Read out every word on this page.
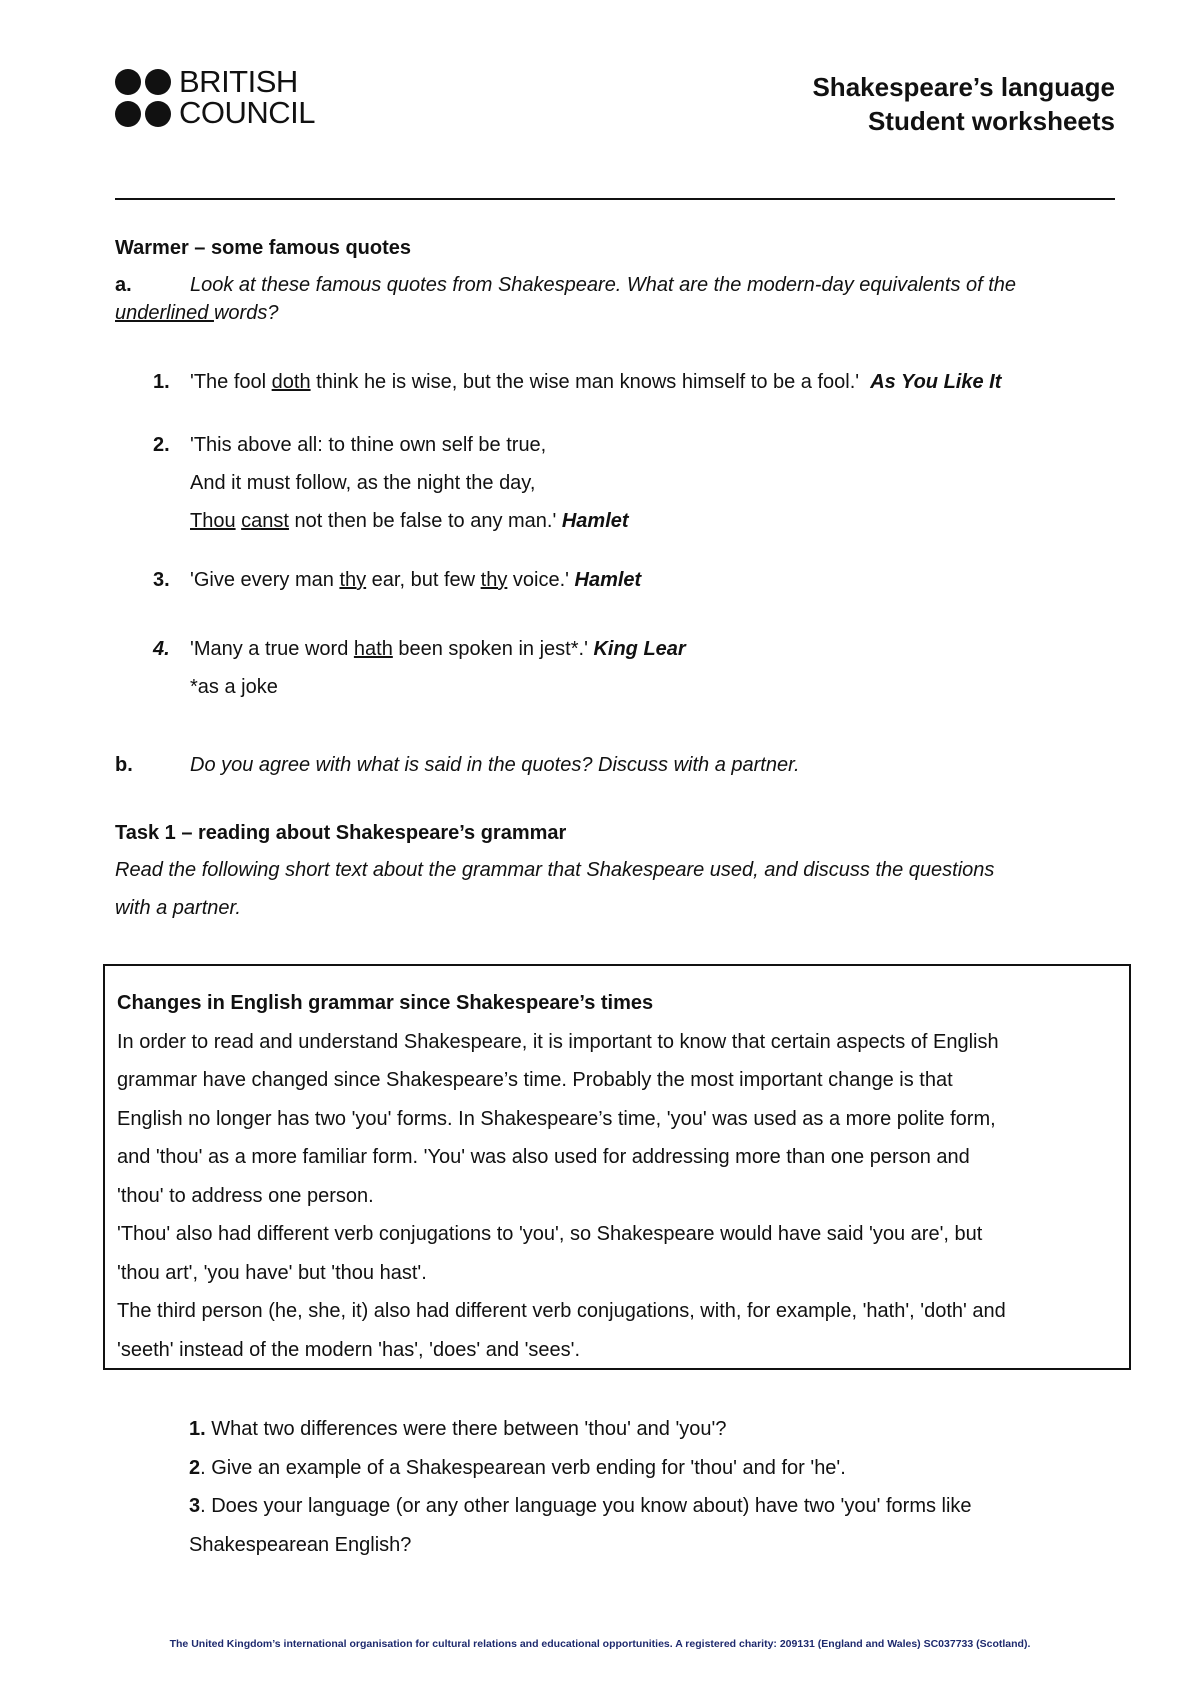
BRITISH
COUNCIL
Shakespeare’s language
Student worksheets
Warmer – some famous quotes
a.	Look at these famous quotes from Shakespeare. What are the modern-day equivalents of the
underlined words?
1.	'The fool doth think he is wise, but the wise man knows himself to be a fool.' As You Like It
2.	'This above all: to thine own self be true,
And it must follow, as the night the day,
Thou canst not then be false to any man.' Hamlet
3.	'Give every man thy ear, but few thy voice.' Hamlet
4.	'Many a true word hath been spoken in jest*.' King Lear
*as a joke
b.	Do you agree with what is said in the quotes? Discuss with a partner.
Task 1 – reading about Shakespeare’s grammar
Read the following short text about the grammar that Shakespeare used, and discuss the questions
with a partner.
Changes in English grammar since Shakespeare’s times
In order to read and understand Shakespeare, it is important to know that certain aspects of English
grammar have changed since Shakespeare’s time. Probably the most important change is that
English no longer has two 'you' forms. In Shakespeare’s time, 'you' was used as a more polite form,
and 'thou' as a more familiar form. 'You' was also used for addressing more than one person and
'thou' to address one person.
'Thou' also had different verb conjugations to 'you', so Shakespeare would have said 'you are', but
'thou art', 'you have' but 'thou hast'.
The third person (he, she, it) also had different verb conjugations, with, for example, 'hath', 'doth' and
'seeth' instead of the modern 'has', 'does' and 'sees'.
1. What two differences were there between 'thou' and 'you'?
2. Give an example of a Shakespearean verb ending for 'thou' and for 'he'.
3. Does your language (or any other language you know about) have two 'you' forms like
Shakespearean English?
The United Kingdom’s international organisation for cultural relations and educational opportunities. A registered charity: 209131 (England and Wales) SC037733 (Scotland).
